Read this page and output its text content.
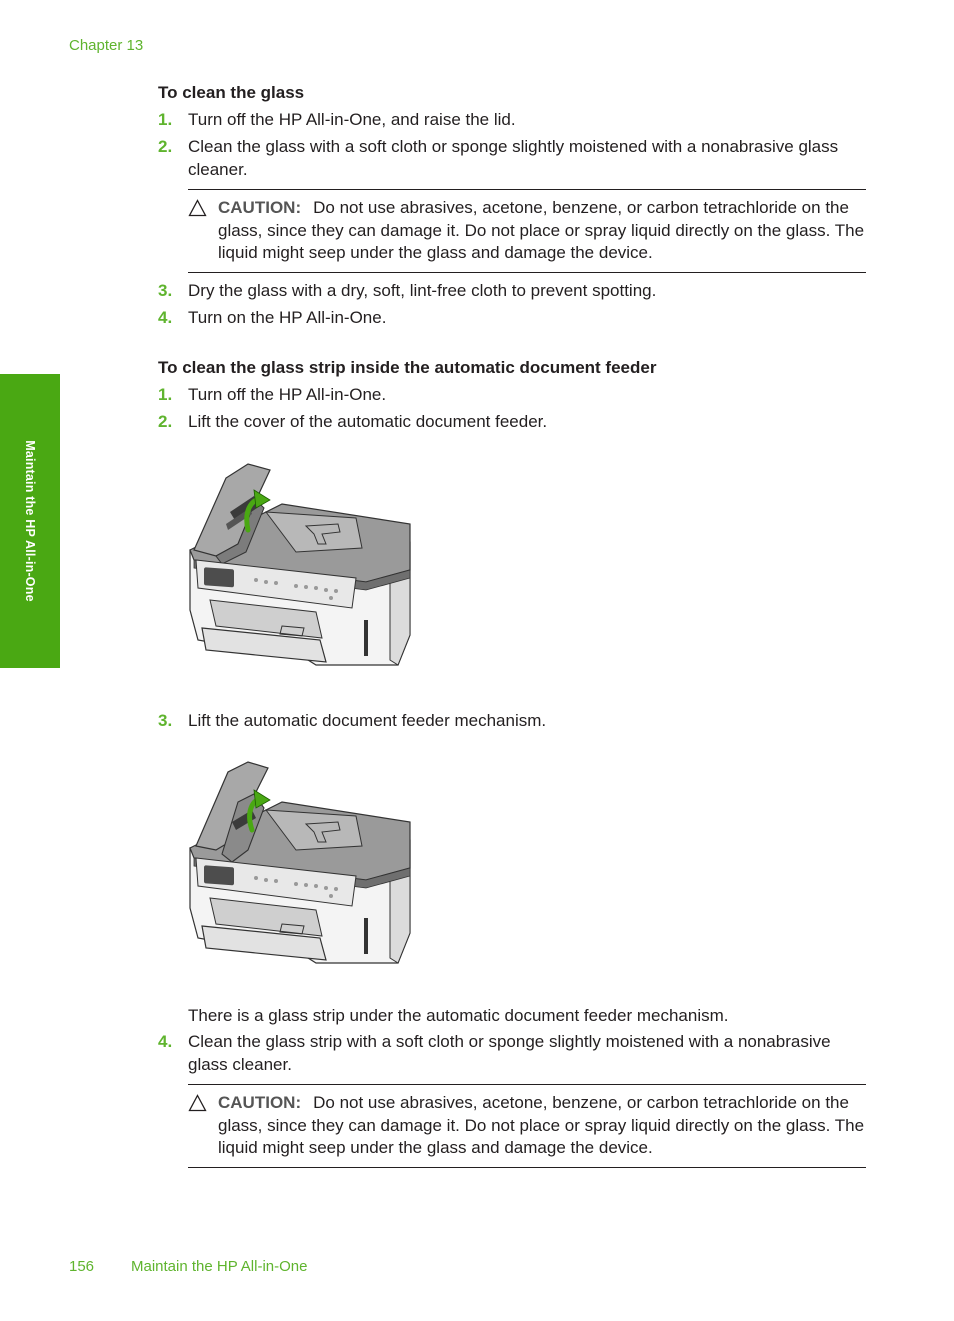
Chapter 13
Maintain the HP All-in-One
To clean the glass
1. Turn off the HP All-in-One, and raise the lid.
2. Clean the glass with a soft cloth or sponge slightly moistened with a nonabrasive glass cleaner.
CAUTION: Do not use abrasives, acetone, benzene, or carbon tetrachloride on the glass, since they can damage it. Do not place or spray liquid directly on the glass. The liquid might seep under the glass and damage the device.
3. Dry the glass with a dry, soft, lint-free cloth to prevent spotting.
4. Turn on the HP All-in-One.
To clean the glass strip inside the automatic document feeder
1. Turn off the HP All-in-One.
2. Lift the cover of the automatic document feeder.
3. Lift the automatic document feeder mechanism.
There is a glass strip under the automatic document feeder mechanism.
4. Clean the glass strip with a soft cloth or sponge slightly moistened with a nonabrasive glass cleaner.
CAUTION: Do not use abrasives, acetone, benzene, or carbon tetrachloride on the glass, since they can damage it. Do not place or spray liquid directly on the glass. The liquid might seep under the glass and damage the device.
156 Maintain the HP All-in-One
